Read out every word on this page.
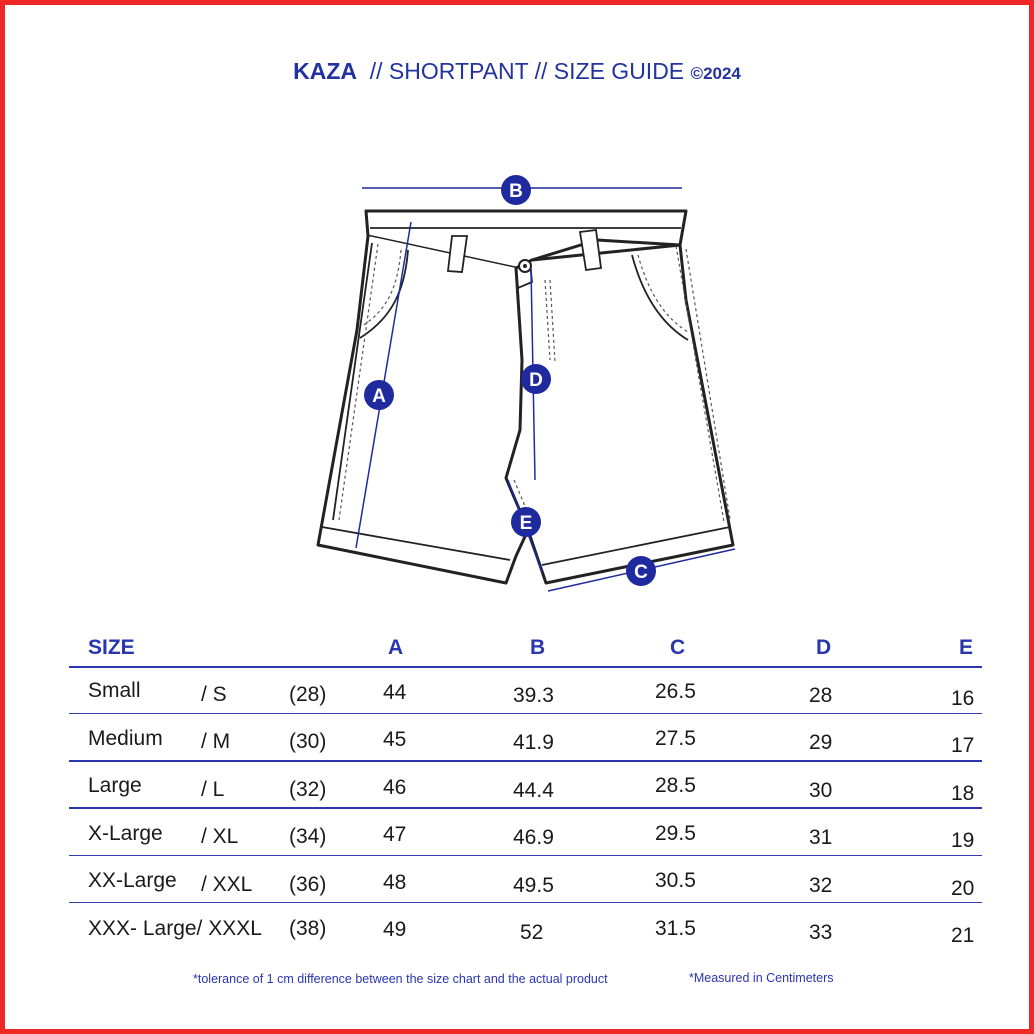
KAZA  // SHORTPANT // SIZE GUIDE ©2024
B
A
D
E
C
SIZE	A	B	C	D	E
Small	/ S	(28)	44	39.3	26.5	28	16
Medium / M	(30)	45	41.9	27.5	29	17
Large	/ L	(32)	46	44.4	28.5	30	18
X-Large / XL (34)	47	46.9	29.5	31	19
XX-Large / XXL (36)	48	49.5	30.5	32	20
XXX- Large/ XXXL (38)	49	52	31.5	33	21
*tolerance of 1 cm difference between the size chart and the actual product	*Measured in Centimeters
